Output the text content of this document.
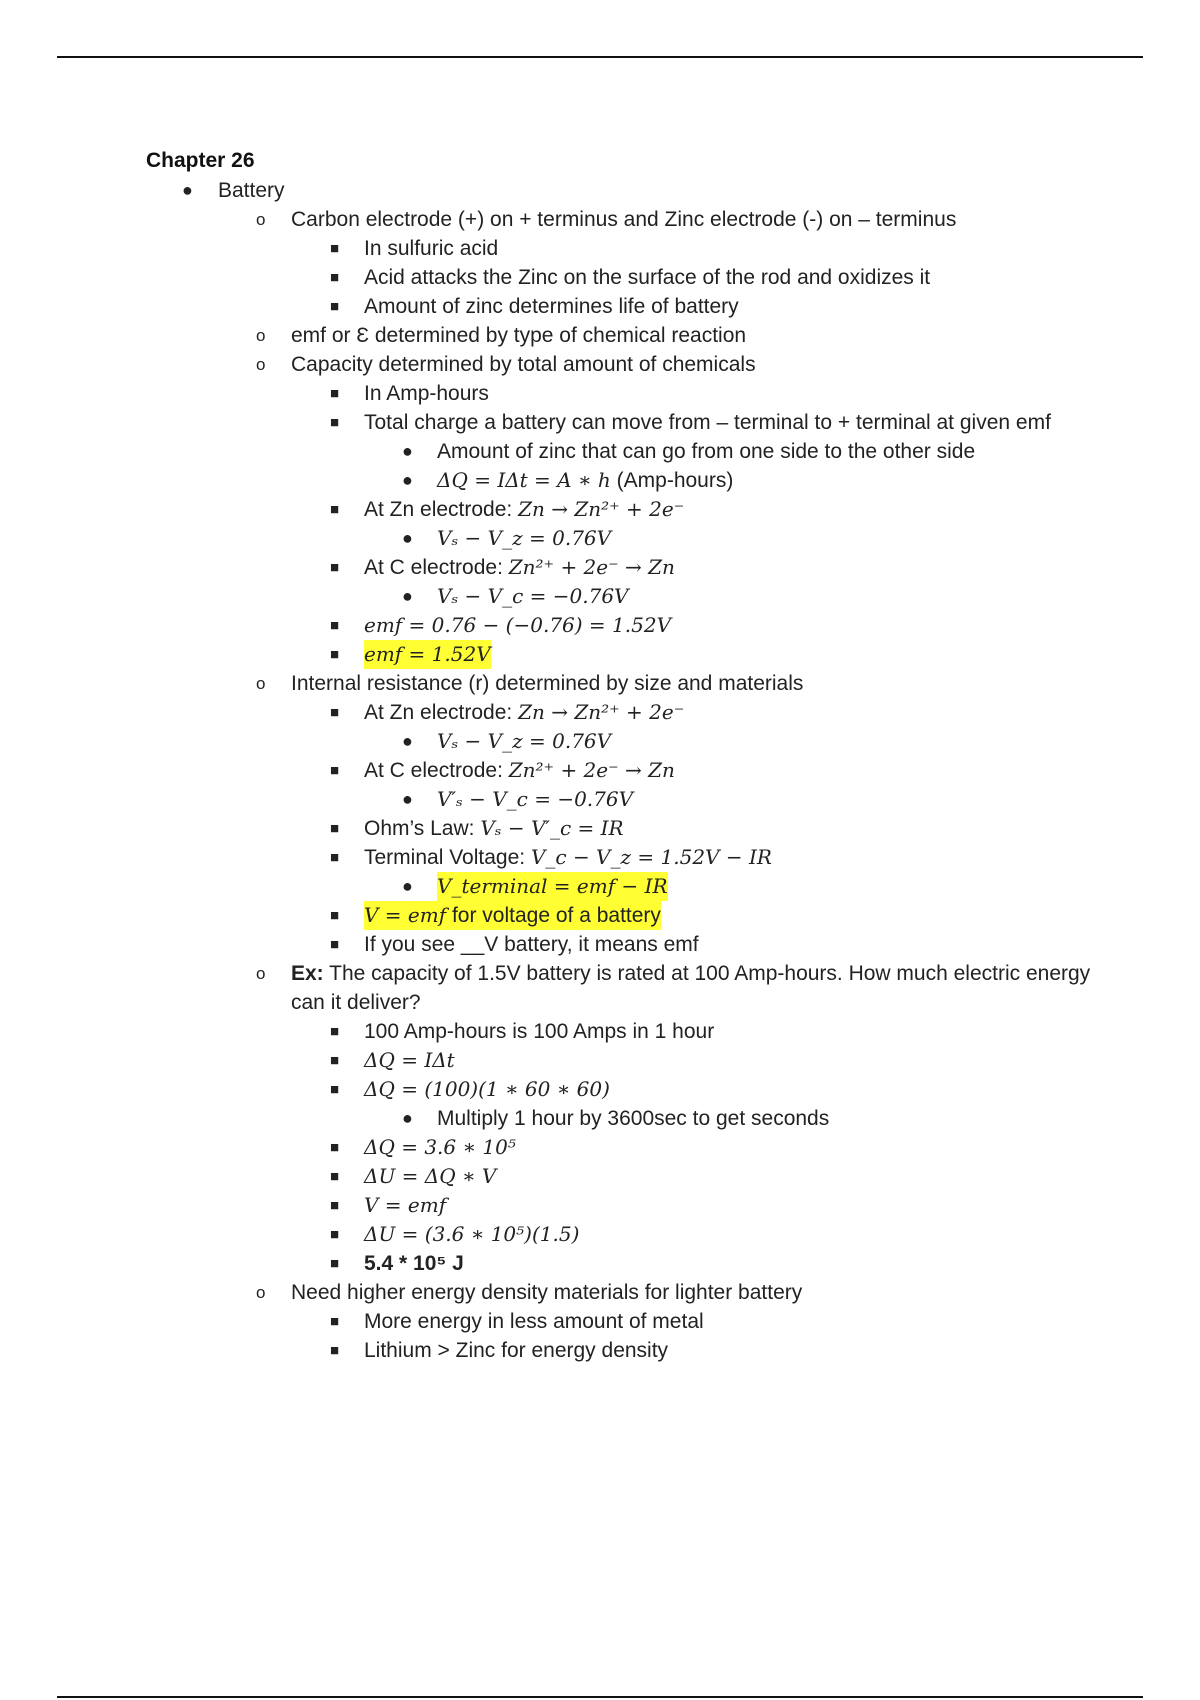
Chapter 26
● Battery
o Carbon electrode (+) on + terminus and Zinc electrode (-) on – terminus
■ In sulfuric acid
■ Acid attacks the Zinc on the surface of the rod and oxidizes it
■ Amount of zinc determines life of battery
o emf or Ɛ determined by type of chemical reaction
o Capacity determined by total amount of chemicals
■ In Amp-hours
■ Total charge a battery can move from – terminal to + terminal at given emf
● Amount of zinc that can go from one side to the other side
● ΔQ = IΔt = A ∗ h (Amp-hours)
■ At Zn electrode: Zn → Zn²⁺ + 2e⁻
● Vₛ − V_z = 0.76V
■ At C electrode: Zn²⁺ + 2e⁻ → Zn
● Vₛ − V_c = −0.76V
■ emf = 0.76 − (−0.76) = 1.52V
■ emf = 1.52V
o Internal resistance (r) determined by size and materials
■ At Zn electrode: Zn → Zn²⁺ + 2e⁻
● Vₛ − V_z = 0.76V
■ At C electrode: Zn²⁺ + 2e⁻ → Zn
● V′ₛ − V_c = −0.76V
■ Ohm’s Law: Vₛ − V′_c = IR
■ Terminal Voltage: V_c − V_z = 1.52V − IR
● V_terminal = emf − IR
■ V = emf for voltage of a battery
■ If you see __V battery, it means emf
o Ex: The capacity of 1.5V battery is rated at 100 Amp-hours. How much electric energy can it deliver?
■ 100 Amp-hours is 100 Amps in 1 hour
■ ΔQ = IΔt
■ ΔQ = (100)(1 ∗ 60 ∗ 60)
● Multiply 1 hour by 3600sec to get seconds
■ ΔQ = 3.6 ∗ 10⁵
■ ΔU = ΔQ ∗ V
■ V = emf
■ ΔU = (3.6 ∗ 10⁵)(1.5)
■ 5.4 * 10⁵ J
o Need higher energy density materials for lighter battery
■ More energy in less amount of metal
■ Lithium > Zinc for energy density
